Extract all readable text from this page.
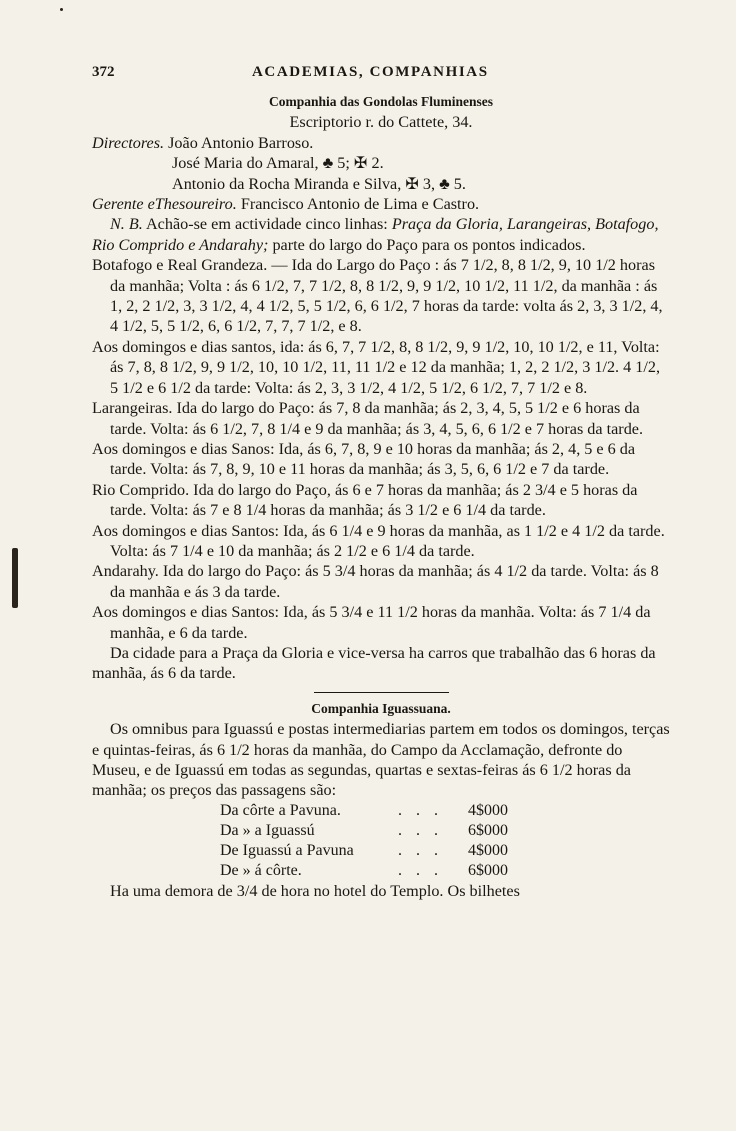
372	ACADEMIAS, COMPANHIAS
Companhia das Gondolas Fluminenses

Escriptorio r. do Cattete, 34.

Directores. João Antonio Barroso.

José Maria do Amaral, ♣ 5; ✠ 2.

Antonio da Rocha Miranda e Silva, ✠ 3, ♣ 5.

Gerente eThesoureiro. Francisco Antonio de Lima e Castro.

N. B. Achão-se em actividade cinco linhas: Praça da Gloria, Larangeiras, Botafogo, Rio Comprido e Andarahy; parte do largo do Paço para os pontos indicados.

Botafogo e Real Grandeza. — Ida do Largo do Paço : ás 7 1/2, 8, 8 1/2, 9, 10 1/2 horas da manhãa; Volta : ás 6 1/2, 7, 7 1/2, 8, 8 1/2, 9, 9 1/2, 10 1/2, 11 1/2, da manhãa : ás 1, 2, 2 1/2, 3, 3 1/2, 4, 4 1/2, 5, 5 1/2, 6, 6 1/2, 7 horas da tarde: volta ás 2, 3, 3 1/2, 4, 4 1/2, 5, 5 1/2, 6, 6 1/2, 7, 7, 7 1/2, e 8.

Aos domingos e dias santos, ida: ás 6, 7, 7 1/2, 8, 8 1/2, 9, 9 1/2, 10, 10 1/2, e 11, Volta: ás 7, 8, 8 1/2, 9, 9 1/2, 10, 10 1/2, 11, 11 1/2 e 12 da manhãa; 1, 2, 2 1/2, 3 1/2. 4 1/2, 5 1/2 e 6 1/2 da tarde: Volta: ás 2, 3, 3 1/2, 4 1/2, 5 1/2, 6 1/2, 7, 7 1/2 e 8.

Larangeiras. Ida do largo do Paço: ás 7, 8 da manhãa; ás 2, 3, 4, 5, 5 1/2 e 6 horas da tarde. Volta: ás 6 1/2, 7, 8 1/4 e 9 da manhãa; ás 3, 4, 5, 6, 6 1/2 e 7 horas da tarde.

Aos domingos e dias Sanos: Ida, ás 6, 7, 8, 9 e 10 horas da manhãa; ás 2, 4, 5 e 6 da tarde. Volta: ás 7, 8, 9, 10 e 11 horas da manhãa; ás 3, 5, 6, 6 1/2 e 7 da tarde.

Rio Comprido. Ida do largo do Paço, ás 6 e 7 horas da manhãa; ás 2 3/4 e 5 horas da tarde. Volta: ás 7 e 8 1/4 horas da manhãa; ás 3 1/2 e 6 1/4 da tarde.

Aos domingos e dias Santos: Ida, ás 6 1/4 e 9 horas da manhãa, as 1 1/2 e 4 1/2 da tarde. Volta: ás 7 1/4 e 10 da manhãa; ás 2 1/2 e 6 1/4 da tarde.

Andarahy. Ida do largo do Paço: ás 5 3/4 horas da manhãa; ás 4 1/2 da tarde. Volta: ás 8 da manhãa e ás 3 da tarde.

Aos domingos e dias Santos: Ida, ás 5 3/4 e 11 1/2 horas da manhãa. Volta: ás 7 1/4 da manhãa, e 6 da tarde.

Da cidade para a Praça da Gloria e vice-versa ha carros que trabalhão das 6 horas da manhãa, ás 6 da tarde.

Companhia Iguassuana.

Os omnibus para Iguassú e postas intermediarias partem em todos os domingos, terças e quintas-feiras, ás 6 1/2 horas da manhãa, do Campo da Acclamação, defronte do Museu, e de Iguassú em todas as segundas, quartas e sextas-feiras ás 6 1/2 horas da manhãa; os preços das passagens são:

Da côrte a Pavuna.	. . .	4$000
Da » a Iguassú	. . .	6$000
De Iguassú a Pavuna	. . .	4$000
De » á côrte.	. . .	6$000

Ha uma demora de 3/4 de hora no hotel do Templo. Os bilhetes
